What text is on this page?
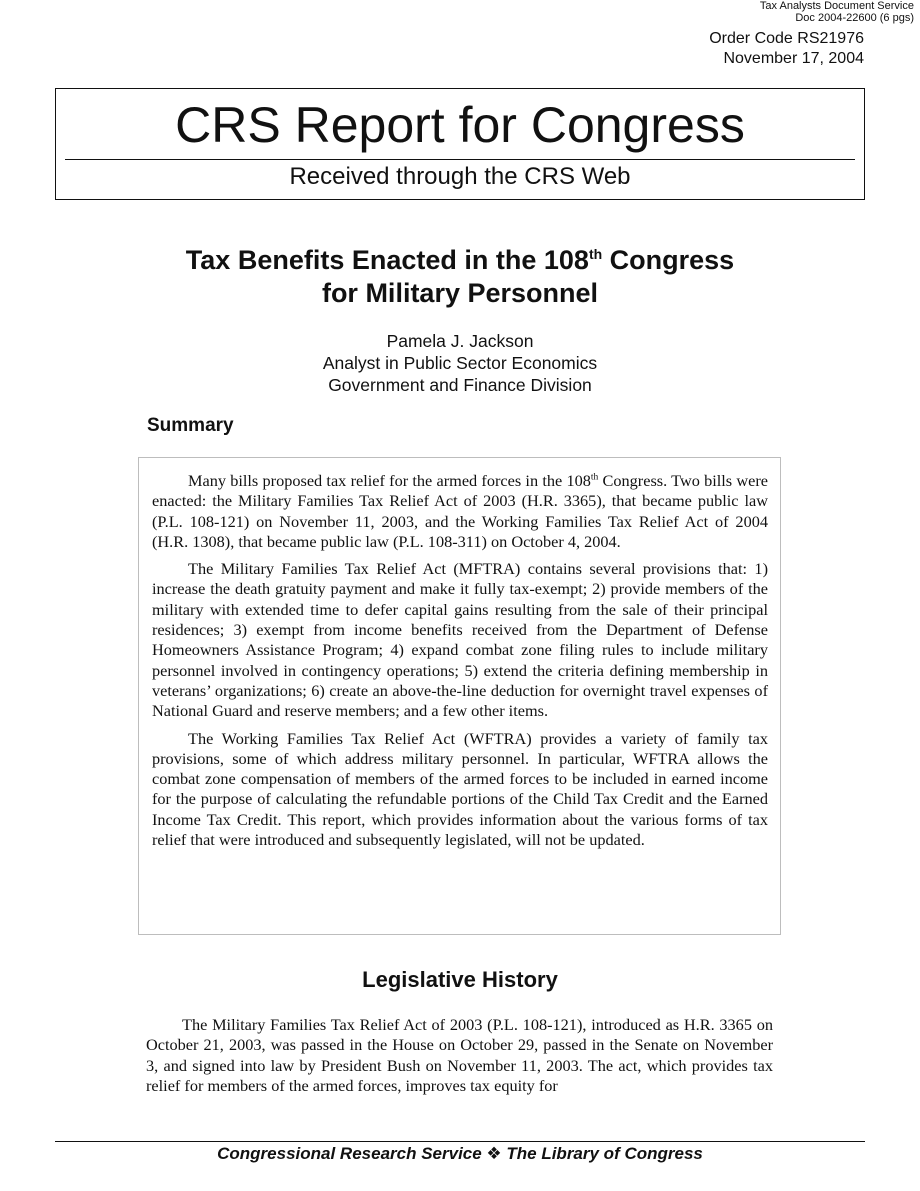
Tax Analysts Document Service
Doc 2004-22600 (6 pgs)
Order Code RS21976
November 17, 2004
CRS Report for Congress
Received through the CRS Web
Tax Benefits Enacted in the 108th Congress
for Military Personnel
Pamela J. Jackson
Analyst in Public Sector Economics
Government and Finance Division
Summary

Many bills proposed tax relief for the armed forces in the 108th Congress. Two bills were enacted: the Military Families Tax Relief Act of 2003 (H.R. 3365), that became public law (P.L. 108-121) on November 11, 2003, and the Working Families Tax Relief Act of 2004 (H.R. 1308), that became public law (P.L. 108-311) on October 4, 2004.

The Military Families Tax Relief Act (MFTRA) contains several provisions that: 1) increase the death gratuity payment and make it fully tax-exempt; 2) provide members of the military with extended time to defer capital gains resulting from the sale of their principal residences; 3) exempt from income benefits received from the Department of Defense Homeowners Assistance Program; 4) expand combat zone filing rules to include military personnel involved in contingency operations; 5) extend the criteria defining membership in veterans’ organizations; 6) create an above-the-line deduction for overnight travel expenses of National Guard and reserve members; and a few other items.

The Working Families Tax Relief Act (WFTRA) provides a variety of family tax provisions, some of which address military personnel. In particular, WFTRA allows the combat zone compensation of members of the armed forces to be included in earned income for the purpose of calculating the refundable portions of the Child Tax Credit and the Earned Income Tax Credit. This report, which provides information about the various forms of tax relief that were introduced and subsequently legislated, will not be updated.

Legislative History

The Military Families Tax Relief Act of 2003 (P.L. 108-121), introduced as H.R. 3365 on October 21, 2003, was passed in the House on October 29, passed in the Senate on November 3, and signed into law by President Bush on November 11, 2003. The act, which provides tax relief for members of the armed forces, improves tax equity for

Congressional Research Service ❖ The Library of Congress
